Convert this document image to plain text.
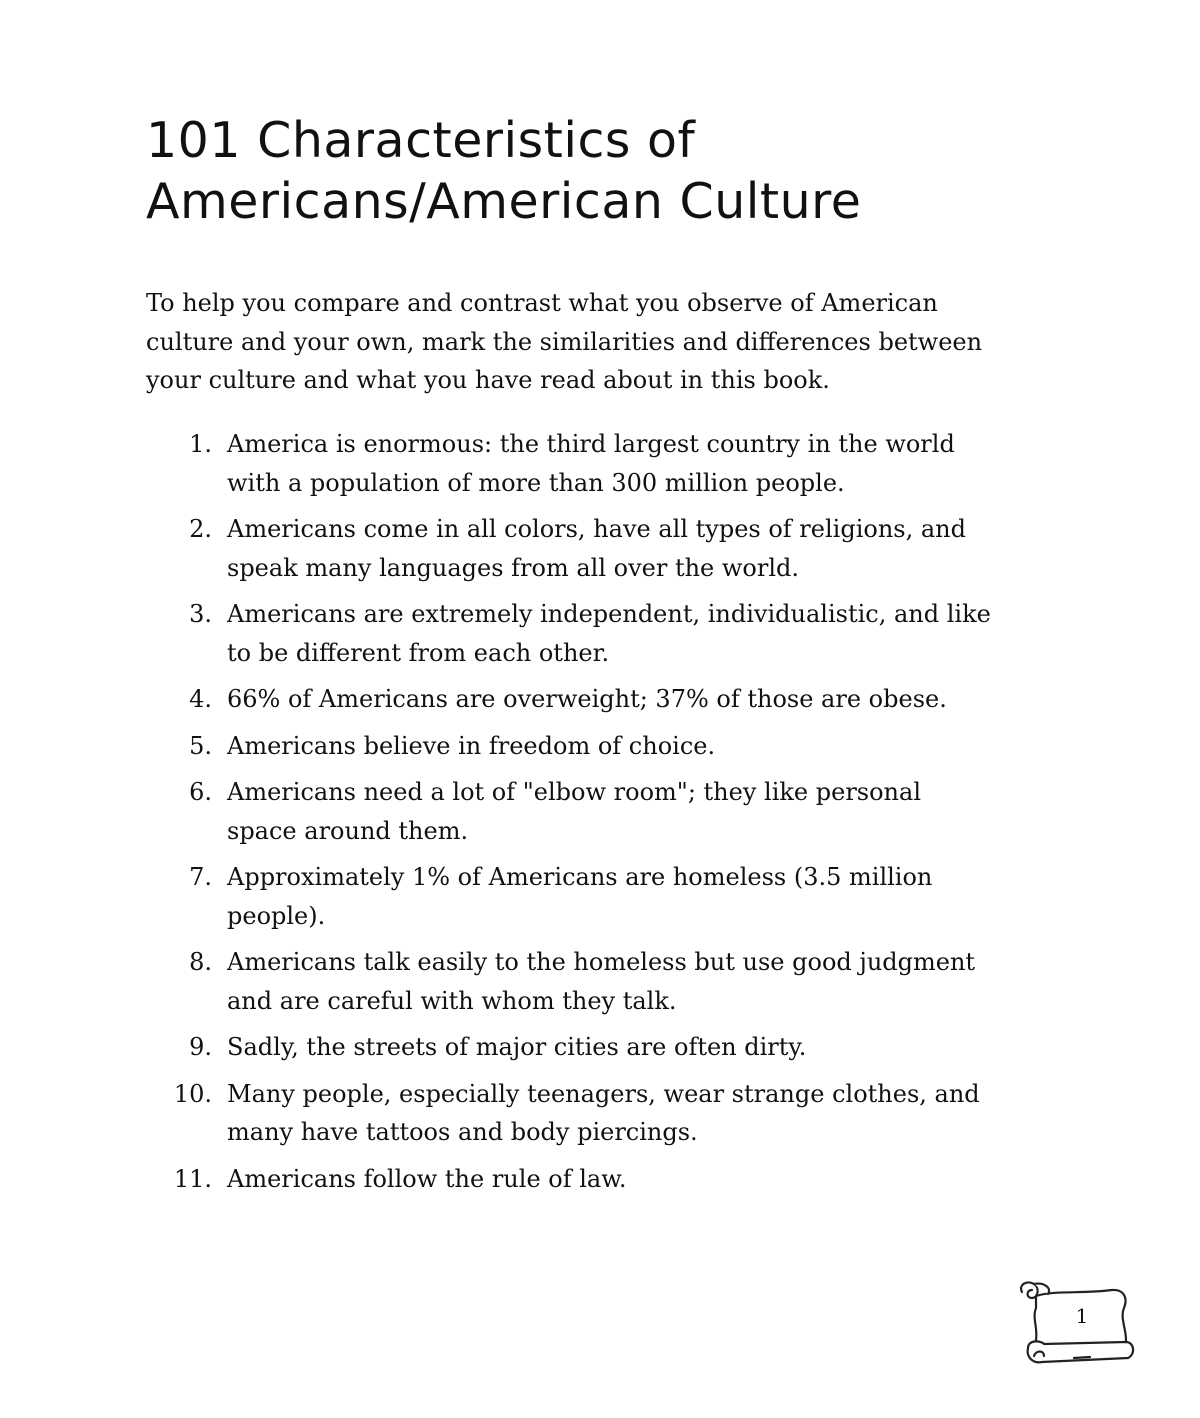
101 Characteristics of
Americans/American Culture

To help you compare and contrast what you observe of American
culture and your own, mark the similarities and differences between
your culture and what you have read about in this book.

1. America is enormous: the third largest country in the world
with a population of more than 300 million people.
2. Americans come in all colors, have all types of religions, and
speak many languages from all over the world.
3. Americans are extremely independent, individualistic, and like
to be different from each other.
4. 66% of Americans are overweight; 37% of those are obese.
5. Americans believe in freedom of choice.
6. Americans need a lot of "elbow room"; they like personal
space around them.
7. Approximately 1% of Americans are homeless (3.5 million
people).
8. Americans talk easily to the homeless but use good judgment
and are careful with whom they talk.
9. Sadly, the streets of major cities are often dirty.
10. Many people, especially teenagers, wear strange clothes, and
many have tattoos and body piercings.
11. Americans follow the rule of law.
1
